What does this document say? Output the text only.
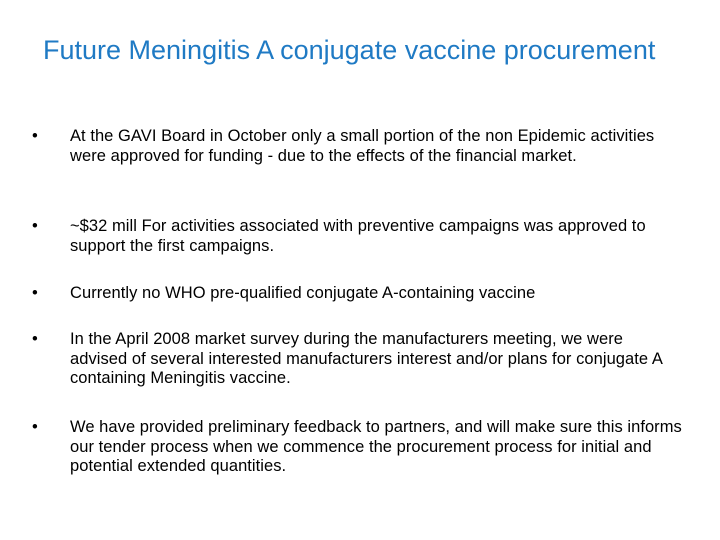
Future Meningitis A conjugate vaccine procurement
•	At the GAVI Board in October only a small portion of the non Epidemic activities were approved for funding - due to the effects of the financial market.
•	~$32 mill For activities associated with preventive campaigns was approved to support the first campaigns.
•	Currently no WHO pre-qualified conjugate A-containing vaccine
•	In the April 2008 market survey during the manufacturers meeting, we were advised of several interested manufacturers interest and/or plans for conjugate A containing Meningitis vaccine.
•	We have provided preliminary feedback to partners, and will make sure this informs our tender process when we commence the procurement process for initial and potential extended quantities.
